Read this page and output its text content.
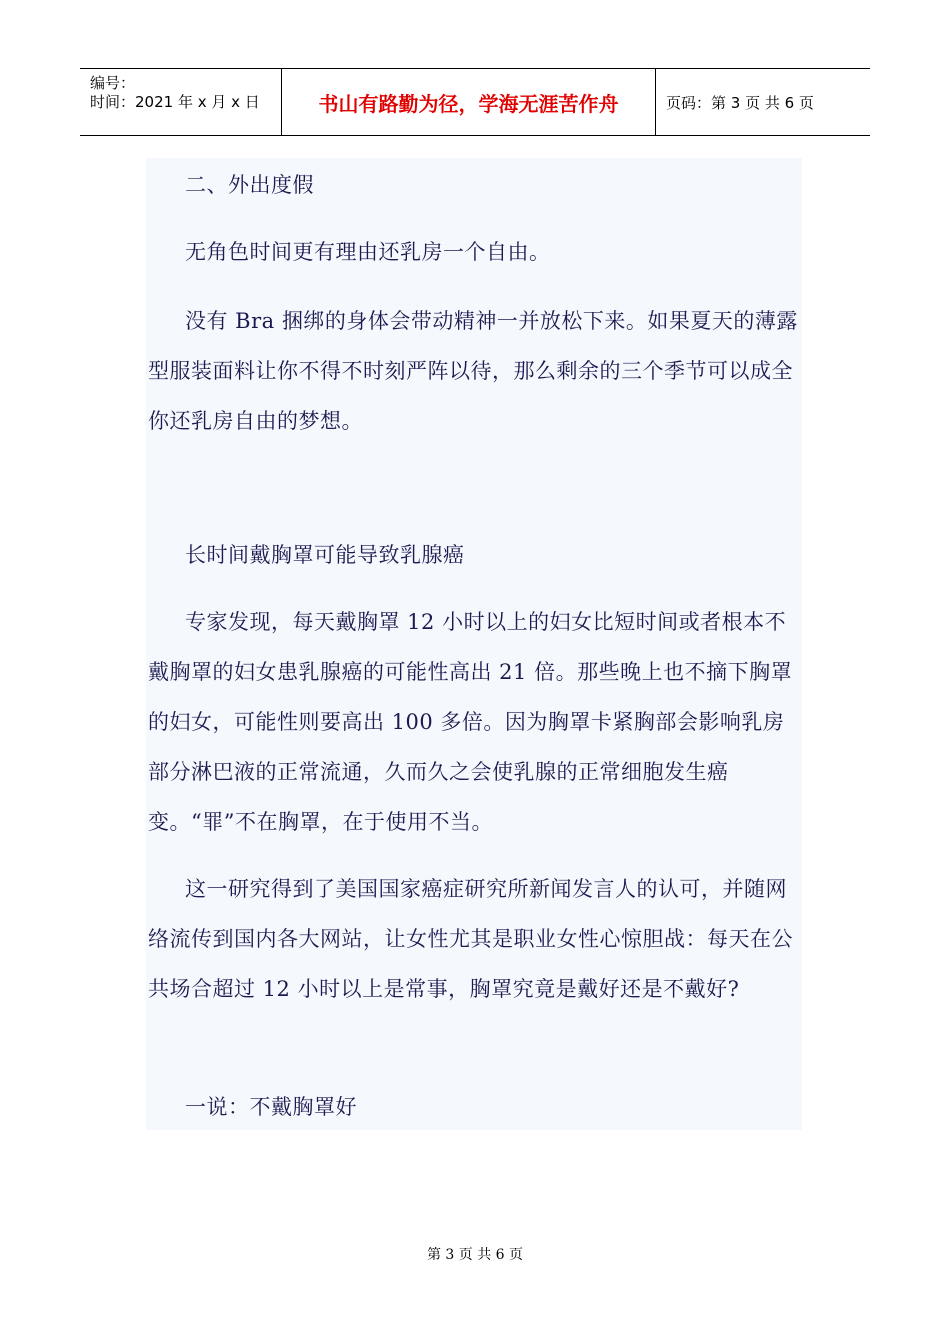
编号：
时间：2021 年 x 月 x 日	书山有路勤为径，学海无涯苦作舟	页码：第 3 页 共 6 页

二、外出度假

无角色时间更有理由还乳房一个自由。

没有 Bra 捆绑的身体会带动精神一并放松下来。如果夏天的薄露型服装面料让你不得不时刻严阵以待，那么剩余的三个季节可以成全你还乳房自由的梦想。

长时间戴胸罩可能导致乳腺癌

专家发现，每天戴胸罩 12 小时以上的妇女比短时间或者根本不戴胸罩的妇女患乳腺癌的可能性高出 21 倍。那些晚上也不摘下胸罩的妇女，可能性则要高出 100 多倍。因为胸罩卡紧胸部会影响乳房部分淋巴液的正常流通，久而久之会使乳腺的正常细胞发生癌变。“罪”不在胸罩，在于使用不当。

这一研究得到了美国国家癌症研究所新闻发言人的认可，并随网络流传到国内各大网站，让女性尤其是职业女性心惊胆战：每天在公共场合超过 12 小时以上是常事，胸罩究竟是戴好还是不戴好?

一说：不戴胸罩好

第 3 页 共 6 页
